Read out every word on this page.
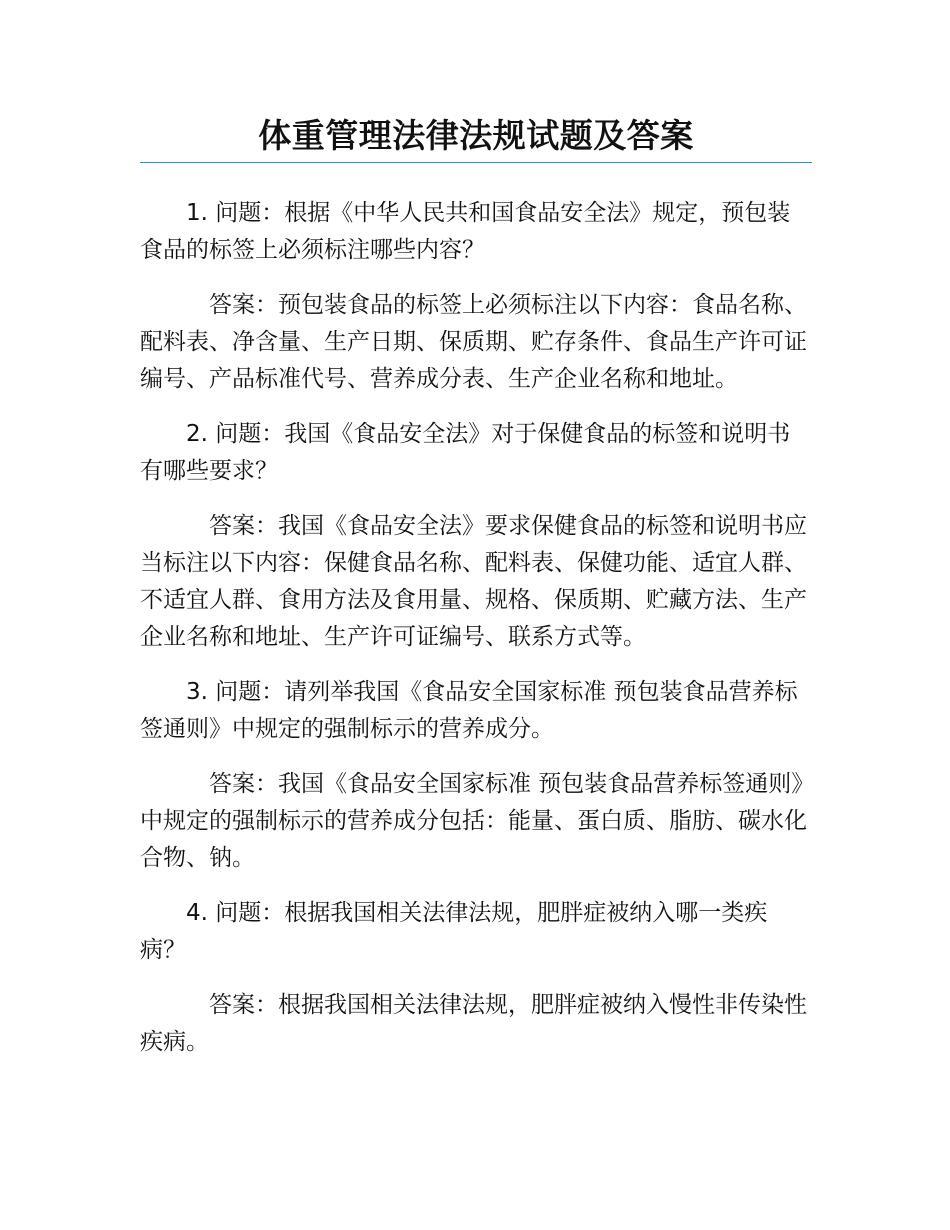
体重管理法律法规试题及答案

1. 问题：根据《中华人民共和国食品安全法》规定，预包装食品的标签上必须标注哪些内容？

答案：预包装食品的标签上必须标注以下内容：食品名称、配料表、净含量、生产日期、保质期、贮存条件、食品生产许可证编号、产品标准代号、营养成分表、生产企业名称和地址。

2. 问题：我国《食品安全法》对于保健食品的标签和说明书有哪些要求？

答案：我国《食品安全法》要求保健食品的标签和说明书应当标注以下内容：保健食品名称、配料表、保健功能、适宜人群、不适宜人群、食用方法及食用量、规格、保质期、贮藏方法、生产企业名称和地址、生产许可证编号、联系方式等。

3. 问题：请列举我国《食品安全国家标准 预包装食品营养标签通则》中规定的强制标示的营养成分。

答案：我国《食品安全国家标准 预包装食品营养标签通则》中规定的强制标示的营养成分包括：能量、蛋白质、脂肪、碳水化合物、钠。

4. 问题：根据我国相关法律法规，肥胖症被纳入哪一类疾病？

答案：根据我国相关法律法规，肥胖症被纳入慢性非传染性疾病。
